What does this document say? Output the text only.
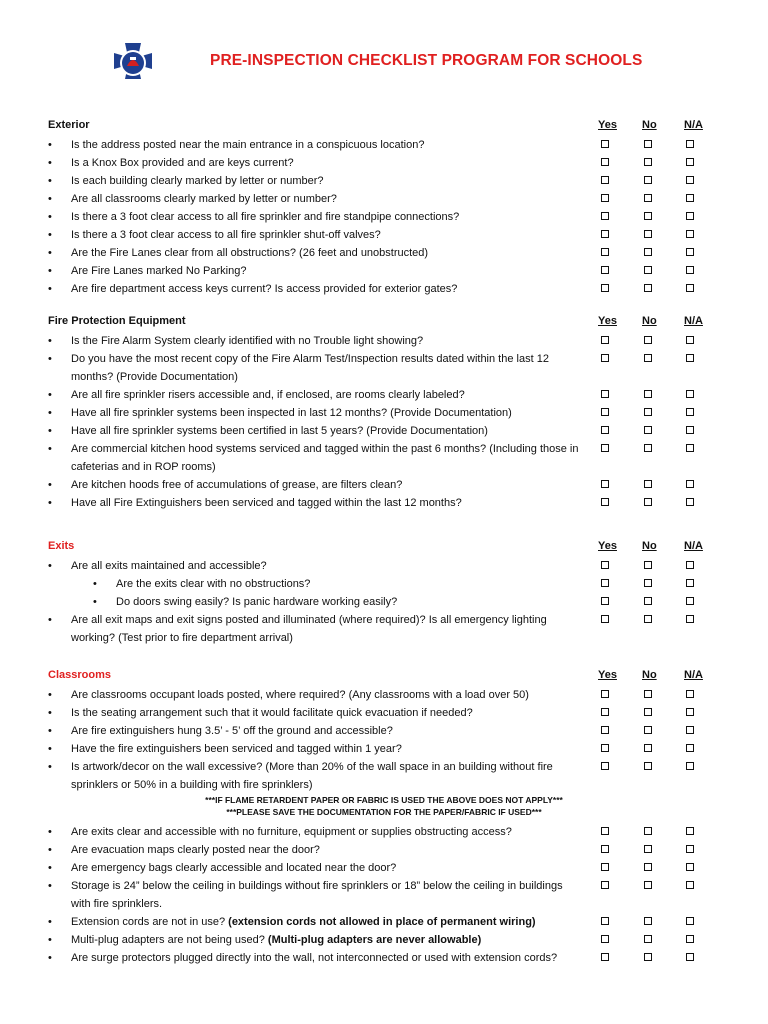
PRE-INSPECTION CHECKLIST PROGRAM FOR SCHOOLS
Exterior	Yes No N/A
• Is the address posted near the main entrance in a conspicuous location?
• Is a Knox Box provided and are keys current?
• Is each building clearly marked by letter or number?
• Are all classrooms clearly marked by letter or number?
• Is there a 3 foot clear access to all fire sprinkler and fire standpipe connections?
• Is there a 3 foot clear access to all fire sprinkler shut-off valves?
• Are the Fire Lanes clear from all obstructions? (26 feet and unobstructed)
• Are Fire Lanes marked No Parking?
• Are fire department access keys current? Is access provided for exterior gates?
Fire Protection Equipment	Yes No N/A
• Is the Fire Alarm System clearly identified with no Trouble light showing?
• Do you have the most recent copy of the Fire Alarm Test/Inspection results dated within the last 12 months? (Provide Documentation)
• Are all fire sprinkler risers accessible and, if enclosed, are rooms clearly labeled?
• Have all fire sprinkler systems been inspected in last 12 months? (Provide Documentation)
• Have all fire sprinkler systems been certified in last 5 years? (Provide Documentation)
• Are commercial kitchen hood systems serviced and tagged within the past 6 months? (Including those in cafeterias and in ROP rooms)
• Are kitchen hoods free of accumulations of grease, are filters clean?
• Have all Fire Extinguishers been serviced and tagged within the last 12 months?
Exits	Yes No N/A
• Are all exits maintained and accessible?
• Are the exits clear with no obstructions?
• Do doors swing easily? Is panic hardware working easily?
• Are all exit maps and exit signs posted and illuminated (where required)? Is all emergency lighting working? (Test prior to fire department arrival)
Classrooms	Yes No N/A
• Are classrooms occupant loads posted, where required? (Any classrooms with a load over 50)
• Is the seating arrangement such that it would facilitate quick evacuation if needed?
• Are fire extinguishers hung 3.5’ - 5’ off the ground and accessible?
• Have the fire extinguishers been serviced and tagged within 1 year?
• Is artwork/decor on the wall excessive? (More than 20% of the wall space in an building without fire sprinklers or 50% in a building with fire sprinklers)
***IF FLAME RETARDENT PAPER OR FABRIC IS USED THE ABOVE DOES NOT APPLY***
***PLEASE SAVE THE DOCUMENTATION FOR THE PAPER/FABRIC IF USED***
• Are exits clear and accessible with no furniture, equipment or supplies obstructing access?
• Are evacuation maps clearly posted near the door?
• Are emergency bags clearly accessible and located near the door?
• Storage is 24” below the ceiling in buildings without fire sprinklers or 18” below the ceiling in buildings with fire sprinklers.
• Extension cords are not in use? (extension cords not allowed in place of permanent wiring)
• Multi-plug adapters are not being used? (Multi-plug adapters are never allowable)
• Are surge protectors plugged directly into the wall, not interconnected or used with extension cords?
